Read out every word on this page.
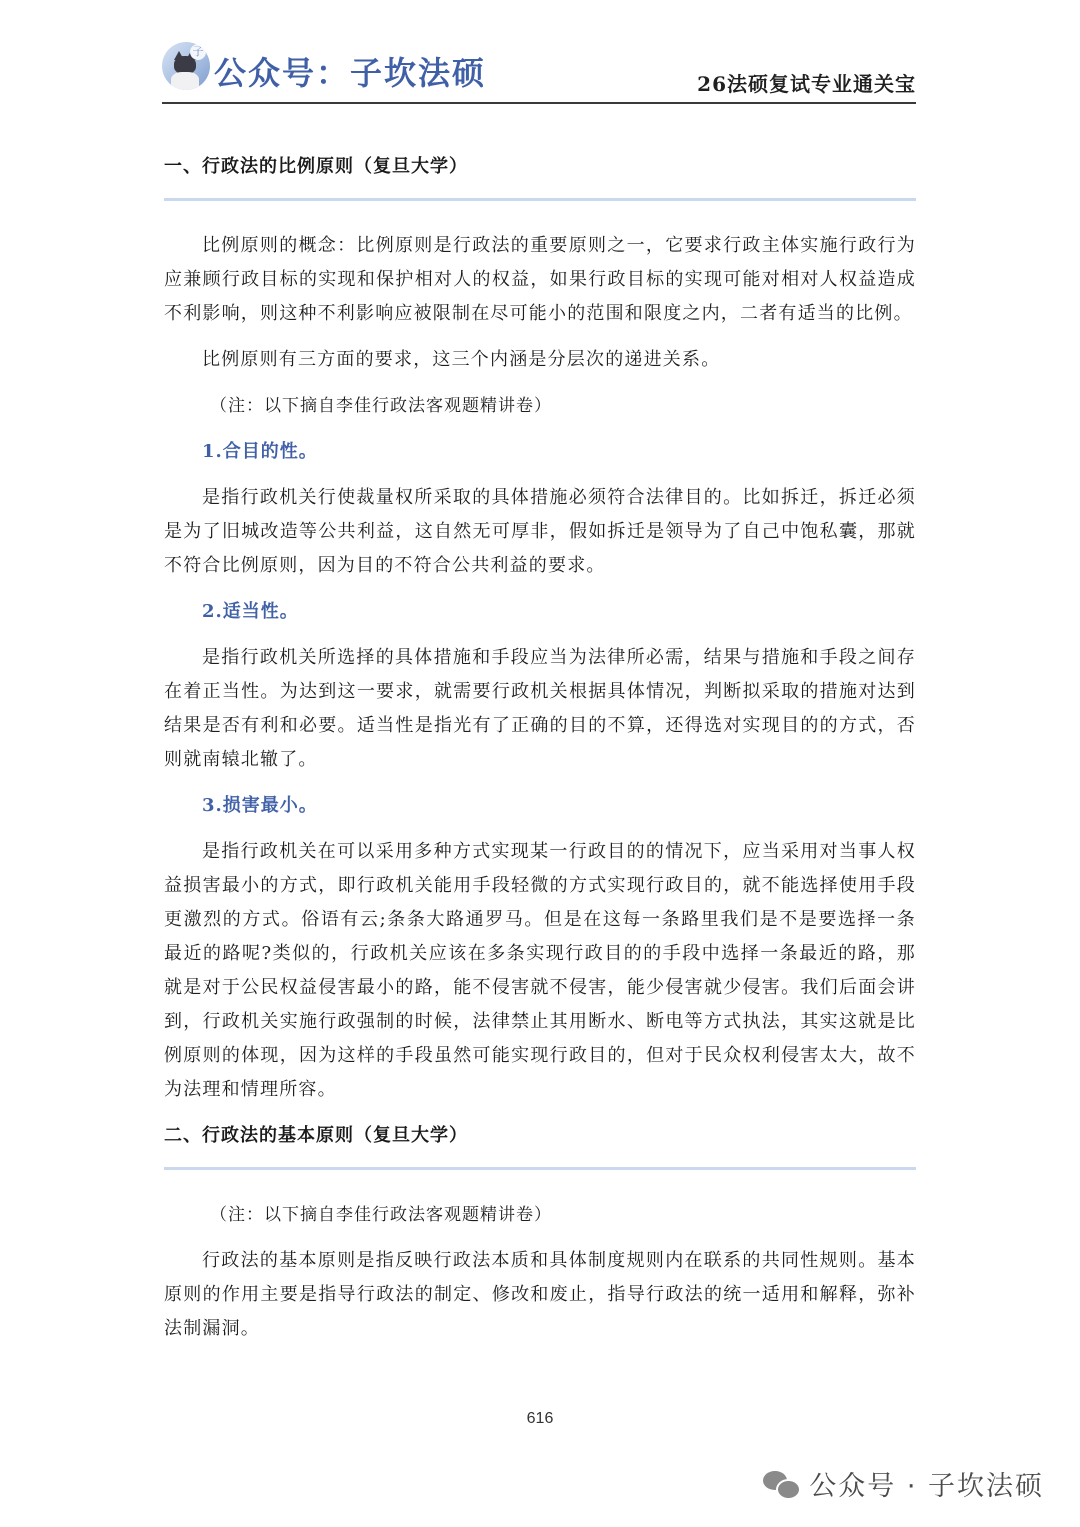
子
公众号：子坎法硕	26法硕复试专业通关宝
一、行政法的比例原则（复旦大学）

比例原则的概念：比例原则是行政法的重要原则之一，它要求行政主体实施行政行为应兼顾行政目标的实现和保护相对人的权益，如果行政目标的实现可能对相对人权益造成不利影响，则这种不利影响应被限制在尽可能小的范围和限度之内，二者有适当的比例。

比例原则有三方面的要求，这三个内涵是分层次的递进关系。

（注：以下摘自李佳行政法客观题精讲卷）

1.合目的性。

是指行政机关行使裁量权所采取的具体措施必须符合法律目的。比如拆迁，拆迁必须是为了旧城改造等公共利益，这自然无可厚非，假如拆迁是领导为了自己中饱私囊，那就不符合比例原则，因为目的不符合公共利益的要求。

2.适当性。

是指行政机关所选择的具体措施和手段应当为法律所必需，结果与措施和手段之间存在着正当性。为达到这一要求，就需要行政机关根据具体情况，判断拟采取的措施对达到结果是否有利和必要。适当性是指光有了正确的目的不算，还得选对实现目的的方式，否则就南辕北辙了。

3.损害最小。

是指行政机关在可以采用多种方式实现某一行政目的的情况下，应当采用对当事人权益损害最小的方式，即行政机关能用手段轻微的方式实现行政目的，就不能选择使用手段更激烈的方式。俗语有云;条条大路通罗马。但是在这每一条路里我们是不是要选择一条最近的路呢?类似的，行政机关应该在多条实现行政目的的手段中选择一条最近的路，那就是对于公民权益侵害最小的路，能不侵害就不侵害，能少侵害就少侵害。我们后面会讲到，行政机关实施行政强制的时候，法律禁止其用断水、断电等方式执法，其实这就是比例原则的体现，因为这样的手段虽然可能实现行政目的，但对于民众权利侵害太大，故不为法理和情理所容。

二、行政法的基本原则（复旦大学）

（注：以下摘自李佳行政法客观题精讲卷）

行政法的基本原则是指反映行政法本质和具体制度规则内在联系的共同性规则。基本原则的作用主要是指导行政法的制定、修改和废止，指导行政法的统一适用和解释，弥补法制漏洞。

616
公众号 · 子坎法硕
